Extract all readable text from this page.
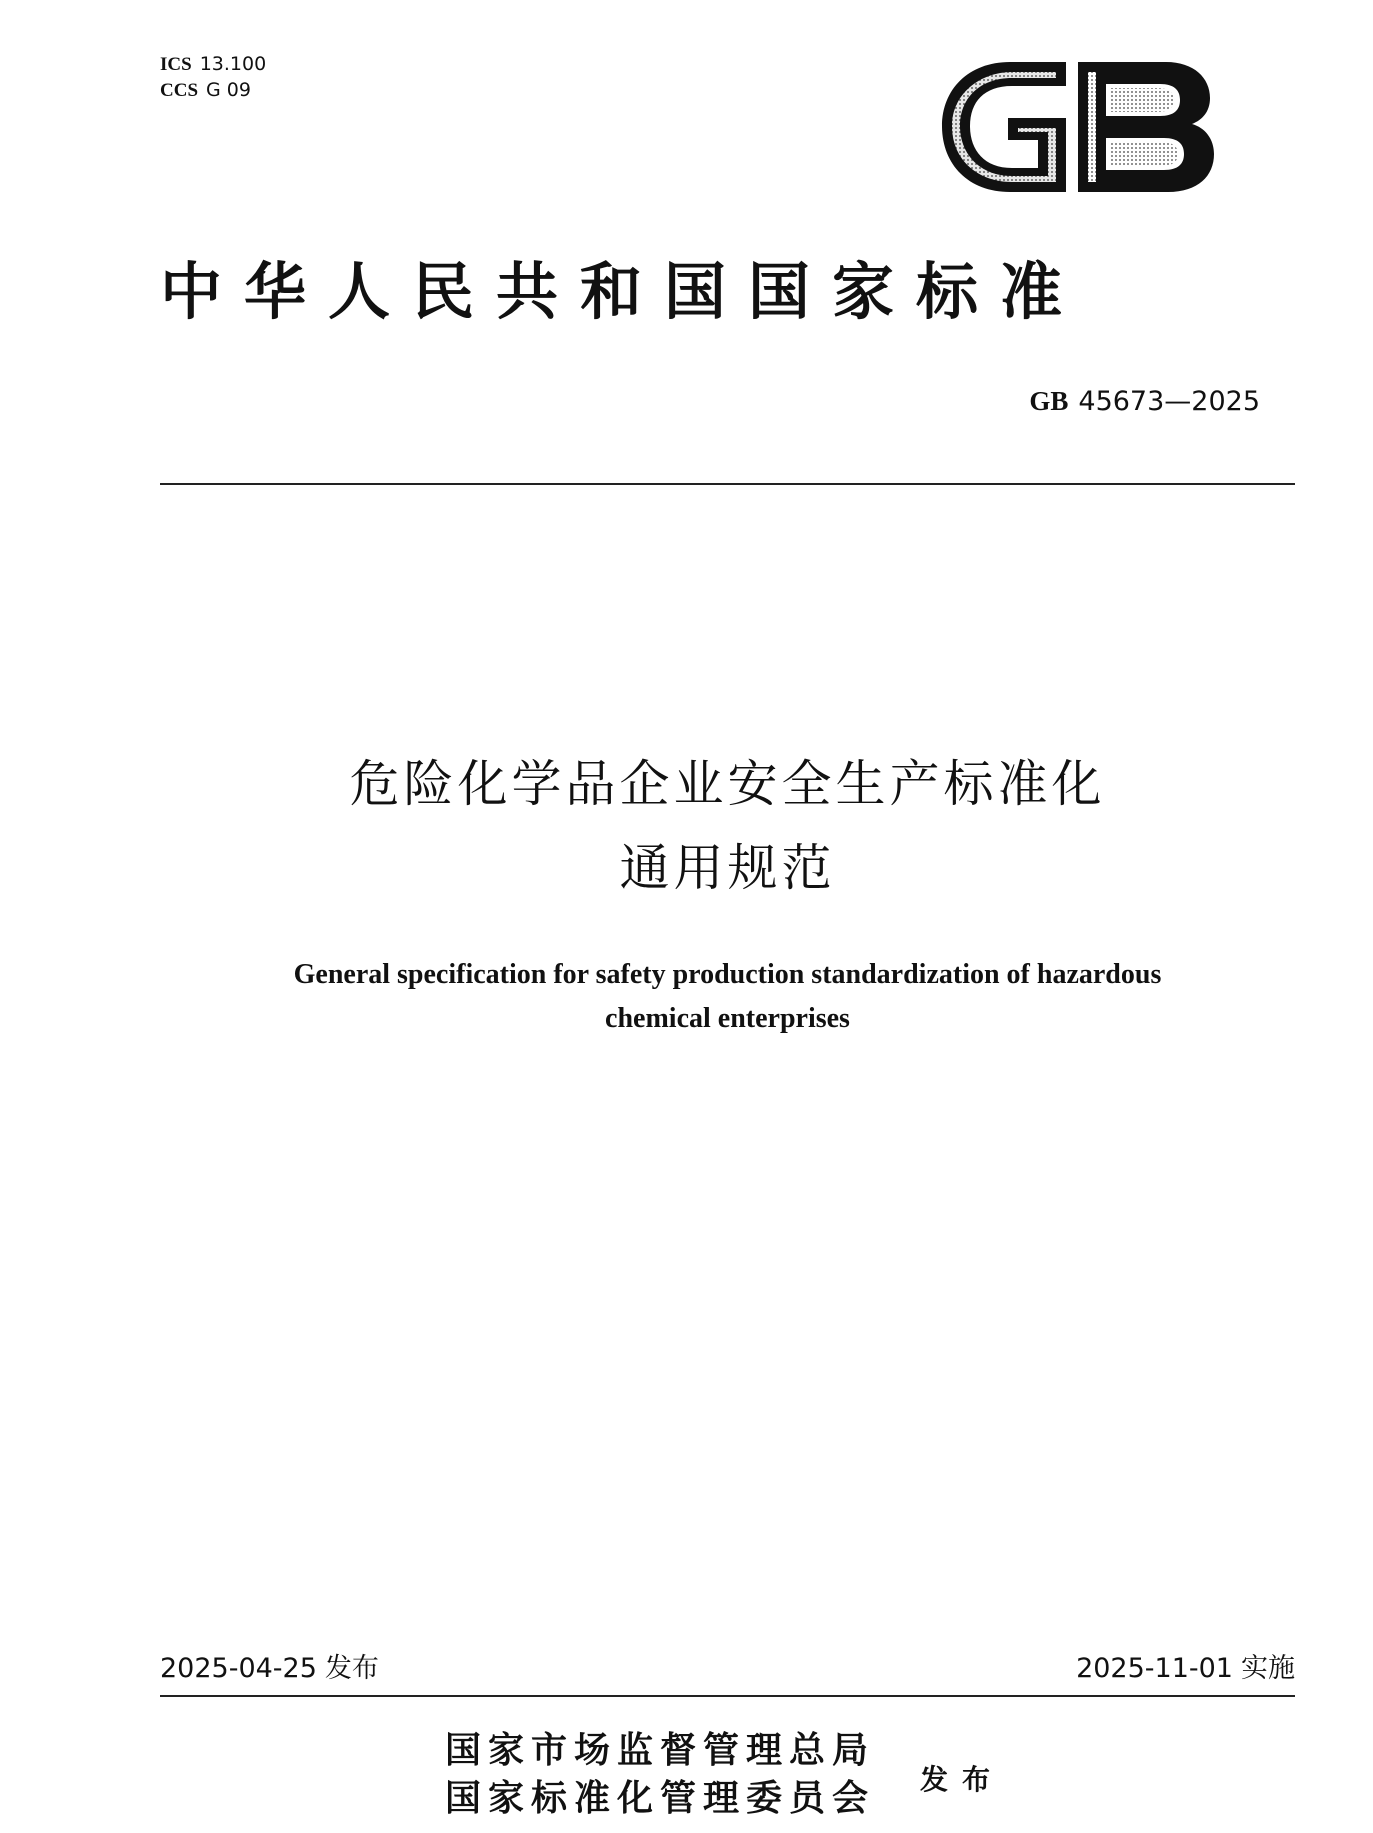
ICS 13.100
CCS G 09
中华人民共和国国家标准
GB 45673—2025
危险化学品企业安全生产标准化
通用规范
General specification for safety production standardization of hazardous
chemical enterprises
2025-04-25 发布	2025-11-01 实施
国家市场监督管理总局
国家标准化管理委员会 发布
